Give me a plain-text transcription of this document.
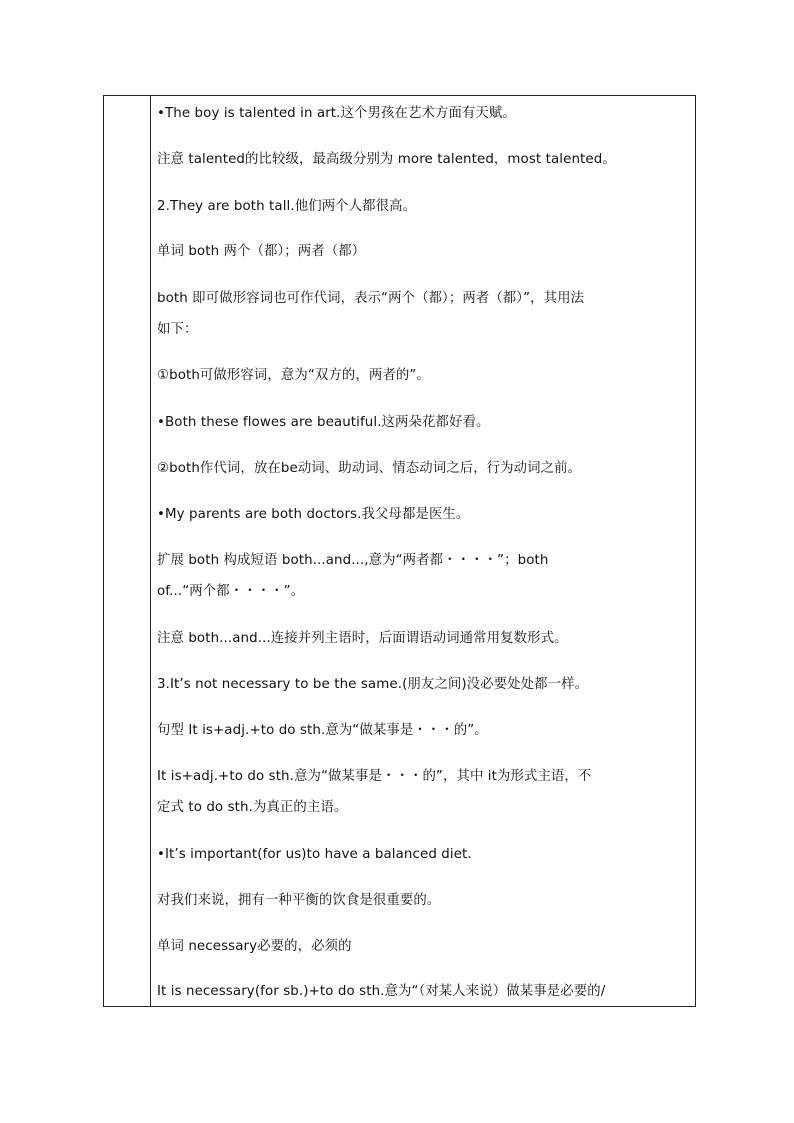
•The boy is talented in art.这个男孩在艺术方面有天赋。
注意 talented的比较级，最高级分别为 more talented，most talented。
2.They are both tall.他们两个人都很高。
单词 both 两个（都）；两者（都）
both 即可做形容词也可作代词，表示“两个（都）；两者（都）”，其用法
如下：
①both可做形容词，意为“双方的，两者的”。
•Both these flowes are beautiful.这两朵花都好看。
②both作代词，放在be动词、助动词、情态动词之后，行为动词之前。
•My parents are both doctors.我父母都是医生。
扩展 both 构成短语 both...and...,意为“两者都・・・・”；both
of...“两个都・・・・”。
注意 both...and...连接并列主语时，后面谓语动词通常用复数形式。
3.It’s not necessary to be the same.(朋友之间)没必要处处都一样。
句型 It is+adj.+to do sth.意为“做某事是・・・的”。
It is+adj.+to do sth.意为“做某事是・・・的”，其中 it为形式主语，不
定式 to do sth.为真正的主语。
•It’s important(for us)to have a balanced diet.
对我们来说，拥有一种平衡的饮食是很重要的。
单词 necessary必要的，必须的
It is necessary(for sb.)+to do sth.意为“（对某人来说）做某事是必要的/
